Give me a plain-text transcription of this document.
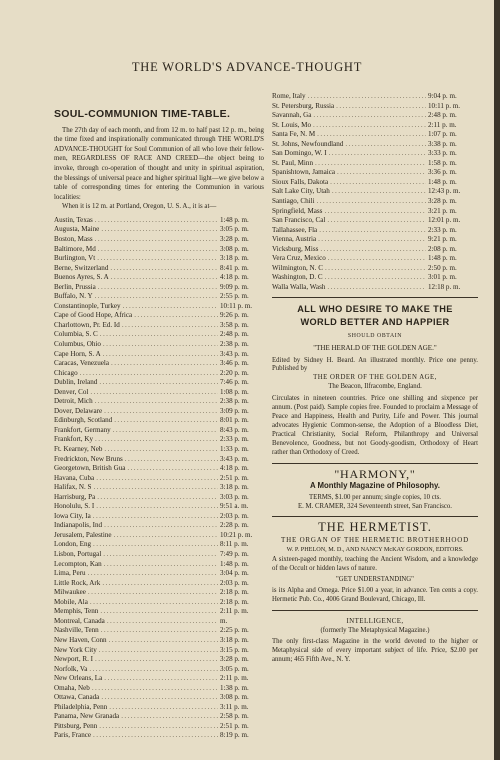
THE WORLD'S ADVANCE-THOUGHT
SOUL-COMMUNION TIME-TABLE.
The 27th day of each month, and from 12 m. to half past 12 p. m., being the time fixed and inspirationally communicated through THE WORLD'S ADVANCE-THOUGHT for Soul Communion of all who love their fellow-men, REGARDLESS OF RACE AND CREED—the object being to invoke, through co-operation of thought and unity in spiritual aspiration, the blessings of universal peace and higher spiritual light—we give below a table of corresponding times for entering the Communion in various localities:
When it is 12 m. at Portland, Oregon, U. S. A., it is at—
Austin, Texas .....	1:48 p. m.
Augusta, Maine .....	3:05 p. m.
Boston, Mass .....	3:28 p. m.
Baltimore, Md .....	3:08 p. m.
Burlington, Vt .....	3:18 p. m.
Berne, Switzerland .....	8:41 p. m.
Buenos Ayres, S. A .....	4:18 p. m.
Berlin, Prussia .....	9:09 p. m.
Buffalo, N. Y .....	2:55 p. m.
Constantinople, Turkey .....	10:11 p. m.
Cape of Good Hope, Africa .....	9:26 p. m.
Charlottown, Pr. Ed. Id .....	3:58 p. m.
Columbia, S. C .....	2:48 p. m.
Columbus, Ohio .....	2:38 p. m.
Cape Horn, S. A .....	3:43 p. m.
Caracas, Venezuela .....	3:46 p. m.
Chicago .....	2:20 p. m.
Dublin, Ireland .....	7:46 p. m.
Denver, Col .....	1:08 p. m.
Detroit, Mich .....	2:38 p. m.
Dover, Delaware .....	3:09 p. m.
Edinburgh, Scotland .....	8:01 p. m.
Frankfort, Germany .....	8:43 p. m.
Frankfort, Ky .....	2:33 p. m.
Ft. Kearney, Neb .....	1:33 p. m.
Fredrickton, New Bruns .....	3:43 p. m.
Georgetown, British Gua .....	4:18 p. m.
Havana, Cuba .....	2:51 p. m.
Halifax, N. S .....	3:18 p. m.
Harrisburg, Pa .....	3:03 p. m.
Honolulu, S. I .....	9:51 a. m.
Iowa City, Ia .....	2:03 p. m.
Indianapolis, Ind .....	2:28 p. m.
Jerusalem, Palestine .....	10:21 p. m.
London, Eng .....	8:11 p. m.
Lisbon, Portugal .....	7:49 p. m.
Lecompton, Kan .....	1:48 p. m.
Lima, Peru .....	3:04 p. m.
Little Rock, Ark .....	2:03 p. m.
Milwaukee .....	2:18 p. m.
Mobile, Ala .....	2:18 p. m.
Memphis, Tenn .....	2:11 p. m.
Montreal, Canada .....	m.
Nashville, Tenn .....	2:25 p. m.
New Haven, Conn .....	3:18 p. m.
New York City .....	3:15 p. m.
Newport, R. I .....	3:28 p. m.
Norfolk, Va .....	3:05 p. m.
New Orleans, La .....	2:11 p. m.
Omaha, Neb .....	1:38 p. m.
Ottawa, Canada .....	3:08 p. m.
Philadelphia, Penn .....	3:11 p. m.
Panama, New Granada .....	2:58 p. m.
Pittsburg, Penn .....	2:51 p. m.
Paris, France .....	8:19 p. m.
Rome, Italy .....	9:04 p. m.
St. Petersburg, Russia .....	10:11 p. m.
Savannah, Ga .....	2:48 p. m.
St. Louis, Mo .....	2:11 p. m.
Santa Fe, N. M .....	1:07 p. m.
St. Johns, Newfoundland .....	3:38 p. m.
San Domingo, W. I .....	3:33 p. m.
St. Paul, Minn .....	1:58 p. m.
Spanishtown, Jamaica .....	3:36 p. m.
Sioux Falls, Dakota .....	1:48 p. m.
Salt Lake City, Utah .....	12:43 p. m.
Santiago, Chili .....	3:28 p. m.
Springfield, Mass .....	3:21 p. m.
San Francisco, Cal .....	12:01 p. m.
Tallahassee, Fla .....	2:33 p. m.
Vienna, Austria .....	9:21 p. m.
Vicksburg, Miss .....	2:08 p. m.
Vera Cruz, Mexico .....	1:48 p. m.
Wilmington, N. C .....	2:50 p. m.
Washington, D. C .....	3:01 p. m.
Walla Walla, Wash .....	12:18 p. m.
ALL WHO DESIRE TO MAKE THE
WORLD BETTER AND HAPPIER
SHOULD OBTAIN
"THE HERALD OF THE GOLDEN AGE."
Edited by Sidney H. Beard. An illustrated monthly. Price one penny. Published by
THE ORDER OF THE GOLDEN AGE,
The Beacon, Ilfracombe, England.
Circulates in nineteen countries. Price one shilling and sixpence per annum. (Post paid). Sample copies free. Founded to proclaim a Message of Peace and Happiness, Health and Purity, Life and Power. This journal advocates Hygienic Common-sense, the Adoption of a Bloodless Diet, Practical Christianity, Social Reform, Philanthropy and Universal Benevolence, Goodness, but not Goody-goodism, Orthodoxy of Heart rather than Orthodoxy of Creed.
"HARMONY,"
A Monthly Magazine of Philosophy.
TERMS, $1.00 per annum; single copies, 10 cts.
E. M. CRAMER, 324 Seventeenth street, San Francisco.
THE HERMETIST.
THE ORGAN OF THE HERMETIC BROTHERHOOD
W. P. PHELON, M. D., AND NANCY McKAY GORDON, EDITORS.
A sixteen-paged monthly, teaching the Ancient Wisdom, and a knowledge of the Occult or hidden laws of nature.
"GET UNDERSTANDING"
is its Alpha and Omega. Price $1.00 a year, in advance. Ten cents a copy. Hermetic Pub. Co., 4006 Grand Boulevard, Chicago, Ill.
INTELLIGENCE,
(formerly The Metaphysical Magazine.)
The only first-class Magazine in the world devoted to the higher or Metaphysical side of every important subject of life. Price, $2.00 per annum; 465 Fifth Ave., N. Y.
